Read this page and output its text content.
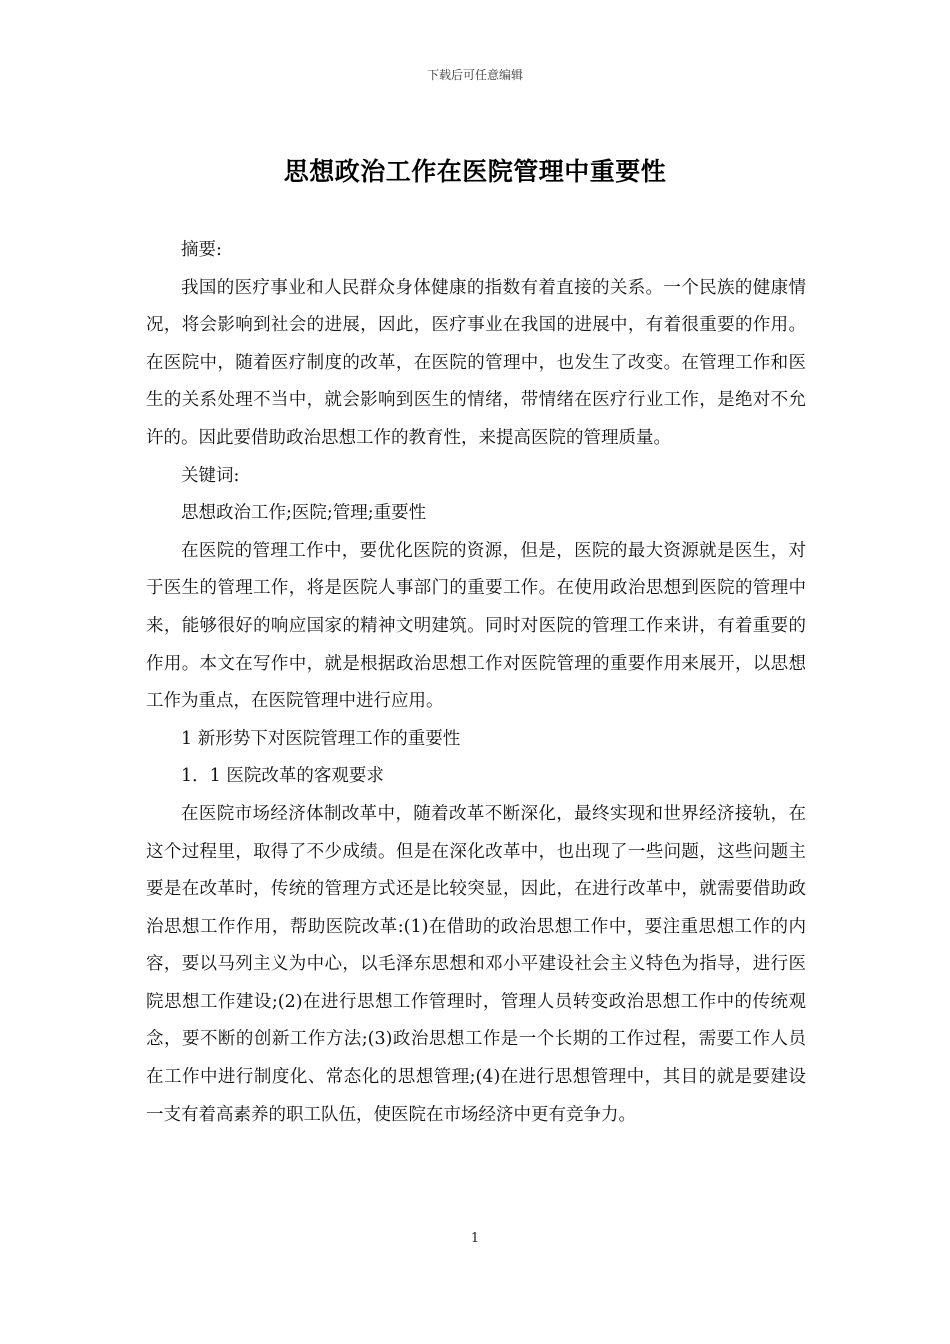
下载后可任意编辑
思想政治工作在医院管理中重要性

摘要:

我国的医疗事业和人民群众身体健康的指数有着直接的关系。一个民族的健康情况，将会影响到社会的进展，因此，医疗事业在我国的进展中，有着很重要的作用。在医院中，随着医疗制度的改革，在医院的管理中，也发生了改变。在管理工作和医生的关系处理不当中，就会影响到医生的情绪，带情绪在医疗行业工作，是绝对不允许的。因此要借助政治思想工作的教育性，来提高医院的管理质量。

关键词:

思想政治工作;医院;管理;重要性

在医院的管理工作中，要优化医院的资源，但是，医院的最大资源就是医生，对于医生的管理工作，将是医院人事部门的重要工作。在使用政治思想到医院的管理中来，能够很好的响应国家的精神文明建筑。同时对医院的管理工作来讲，有着重要的作用。本文在写作中，就是根据政治思想工作对医院管理的重要作用来展开，以思想工作为重点，在医院管理中进行应用。

1 新形势下对医院管理工作的重要性

1．1 医院改革的客观要求

在医院市场经济体制改革中，随着改革不断深化，最终实现和世界经济接轨，在这个过程里，取得了不少成绩。但是在深化改革中，也出现了一些问题，这些问题主要是在改革时，传统的管理方式还是比较突显，因此，在进行改革中，就需要借助政治思想工作作用，帮助医院改革:(1)在借助的政治思想工作中，要注重思想工作的内容，要以马列主义为中心，以毛泽东思想和邓小平建设社会主义特色为指导，进行医院思想工作建设;(2)在进行思想工作管理时，管理人员转变政治思想工作中的传统观念，要不断的创新工作方法;(3)政治思想工作是一个长期的工作过程，需要工作人员在工作中进行制度化、常态化的思想管理;(4)在进行思想管理中，其目的就是要建设一支有着高素养的职工队伍，使医院在市场经济中更有竞争力。

1
